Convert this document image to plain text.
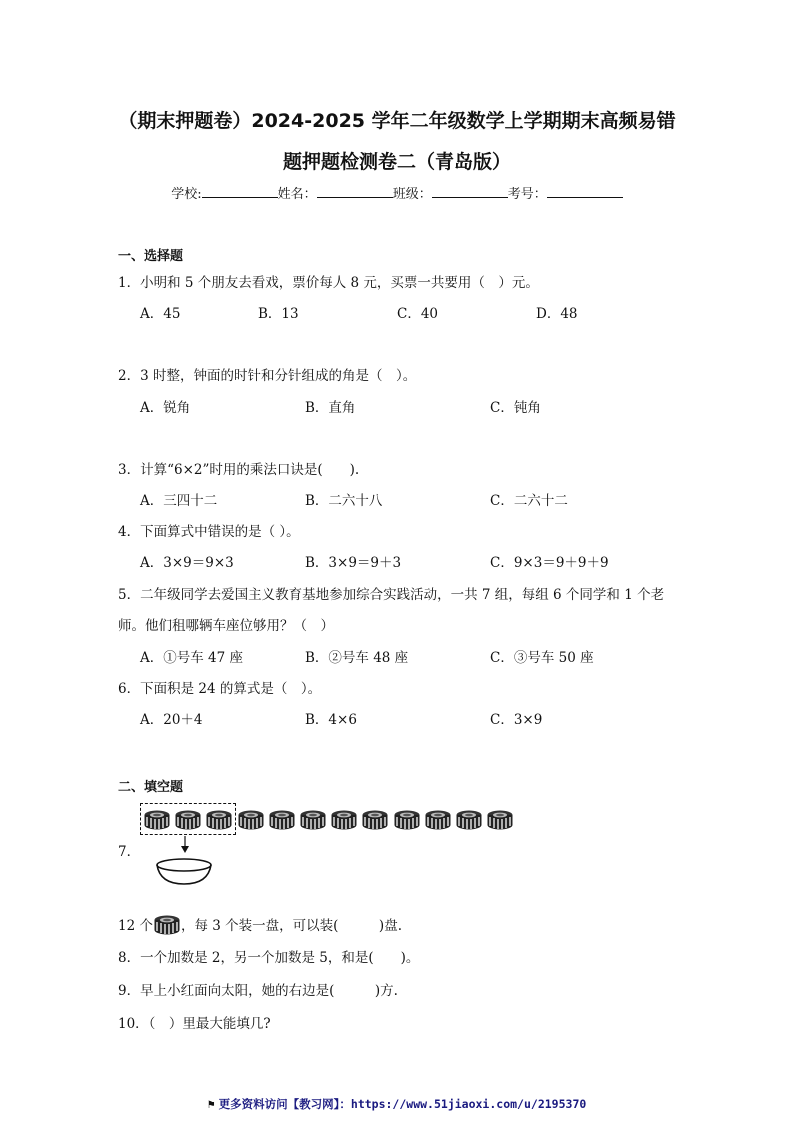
（期末押题卷）2024-2025 学年二年级数学上学期期末高频易错
题押题检测卷二（青岛版）
学校:	姓名：	班级：	考号：
一、选择题
1．小明和 5 个朋友去看戏，票价每人 8 元，买票一共要用（　）元。
A．45	B．13	C．40	D．48
2．3 时整，钟面的时针和分针组成的角是（　）。
A．锐角	B．直角	C．钝角
3．计算“6×2”时用的乘法口诀是(　　).
A．三四十二	B．二六十八	C．二六十二
4．下面算式中错误的是（ ）。
A．3×9＝9×3	B．3×9＝9＋3	C．9×3＝9＋9＋9
5．二年级同学去爱国主义教育基地参加综合实践活动，一共 7 组，每组 6 个同学和 1 个老
师。他们租哪辆车座位够用？（　）
A．①号车 47 座	B．②号车 48 座	C．③号车 50 座
6．下面积是 24 的算式是（　）。
A．20＋4	B．4×6	C．3×9
二、填空题
7．
12 个 ，每 3 个装一盘，可以装(　　　)盘.
8．一个加数是 2，另一个加数是 5，和是(　　)。
9．早上小红面向太阳，她的右边是(　　　)方.
10．（　）里最大能填几?
⚑ 更多资料访问【教习网】：https://www.51jiaoxi.com/u/2195370
